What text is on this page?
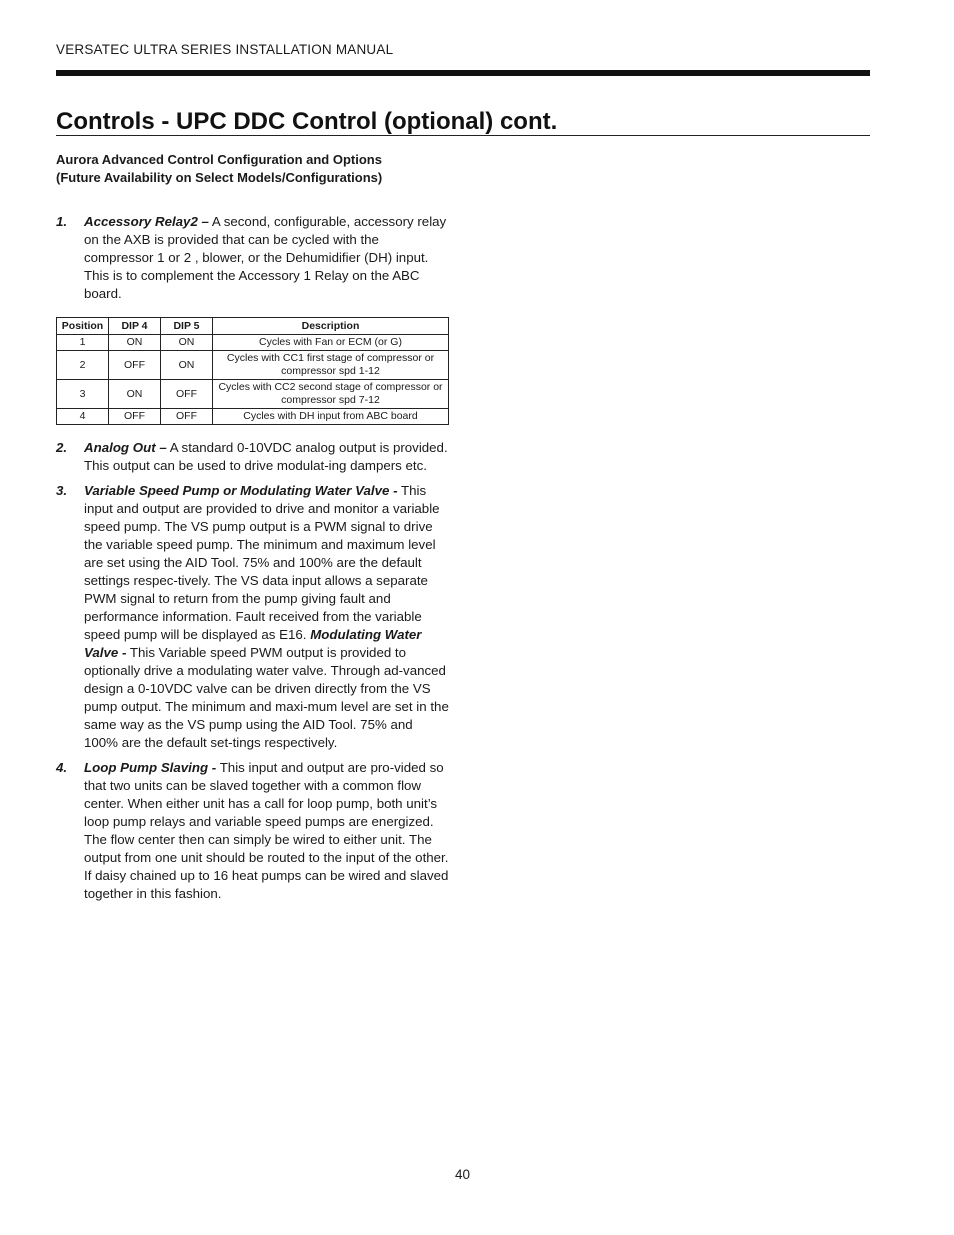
VERSATEC ULTRA SERIES INSTALLATION MANUAL
Controls - UPC DDC Control (optional) cont.
Aurora Advanced Control Configuration and Options
(Future Availability on Select Models/Configurations)
1. Accessory Relay2 – A second, configurable, accessory relay on the AXB is provided that can be cycled with the compressor 1 or 2 , blower, or the Dehumidifier (DH) input. This is to complement the Accessory 1 Relay on the ABC board.

Position	DIP 4	DIP 5	Description
1	ON	ON	Cycles with Fan or ECM (or G)
2	OFF	ON	Cycles with CC1 first stage of compressor or compressor spd 1-12
3	ON	OFF	Cycles with CC2 second stage of compressor or compressor spd 7-12
4	OFF	OFF	Cycles with DH input from ABC board
2. Analog Out – A standard 0-10VDC analog output is provided. This output can be used to drive modulat-ing dampers etc.

3. Variable Speed Pump or Modulating Water Valve - This input and output are provided to drive and monitor a variable speed pump. The VS pump output is a PWM signal to drive the variable speed pump. The minimum and maximum level are set using the AID Tool. 75% and 100% are the default settings respec-tively. The VS data input allows a separate PWM signal to return from the pump giving fault and performance information. Fault received from the variable speed pump will be displayed as E16. Modulating Water Valve - This Variable speed PWM output is provided to optionally drive a modulating water valve. Through ad-vanced design a 0-10VDC valve can be driven directly from the VS pump output. The minimum and maxi-mum level are set in the same way as the VS pump using the AID Tool. 75% and 100% are the default set-tings respectively.

4. Loop Pump Slaving - This input and output are pro-vided so that two units can be slaved together with a common flow center. When either unit has a call for loop pump, both unit’s loop pump relays and variable speed pumps are energized. The flow center then can simply be wired to either unit. The output from one unit should be routed to the input of the other. If daisy chained up to 16 heat pumps can be wired and slaved together in this fashion.

40
